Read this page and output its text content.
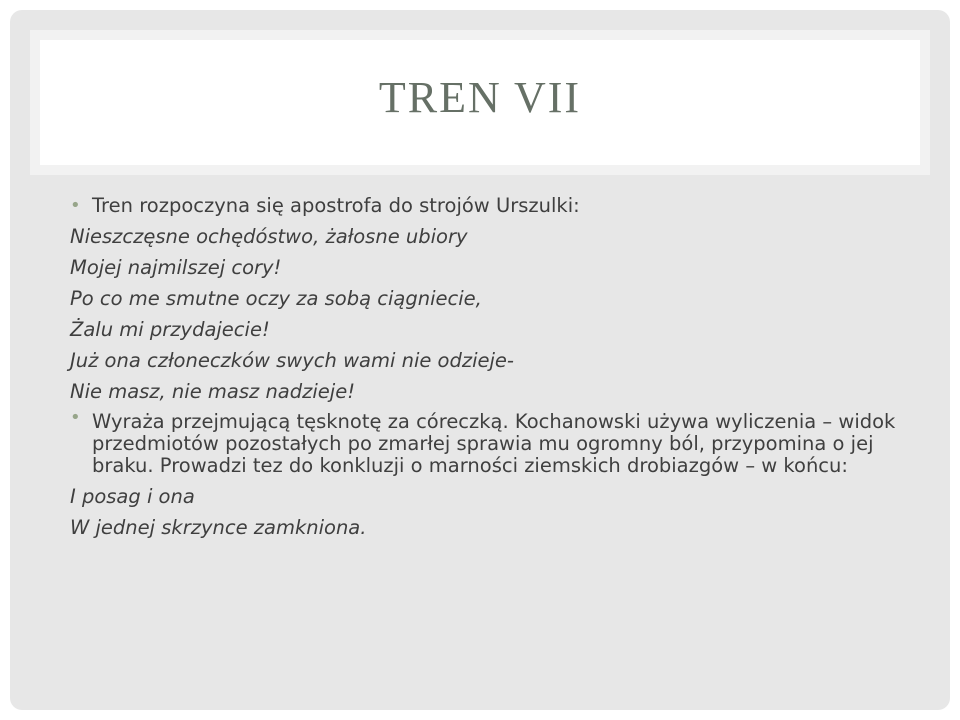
TREN VII
• Tren rozpoczyna się apostrofa do strojów Urszulki:
Nieszczęsne ochędóstwo, żałosne ubiory
Mojej najmilszej cory!
Po co me smutne oczy za sobą ciągniecie,
Żalu mi przydajecie!
Już ona członeczków swych wami nie odzieje-
Nie masz, nie masz nadzieje!
• Wyraża przejmującą tęsknotę za córeczką. Kochanowski używa wyliczenia – widok przedmiotów pozostałych po zmarłej sprawia mu ogromny ból, przypomina o jej braku. Prowadzi tez do konkluzji o marności ziemskich drobiazgów – w końcu:
I posag i ona
W jednej skrzynce zamkniona.
